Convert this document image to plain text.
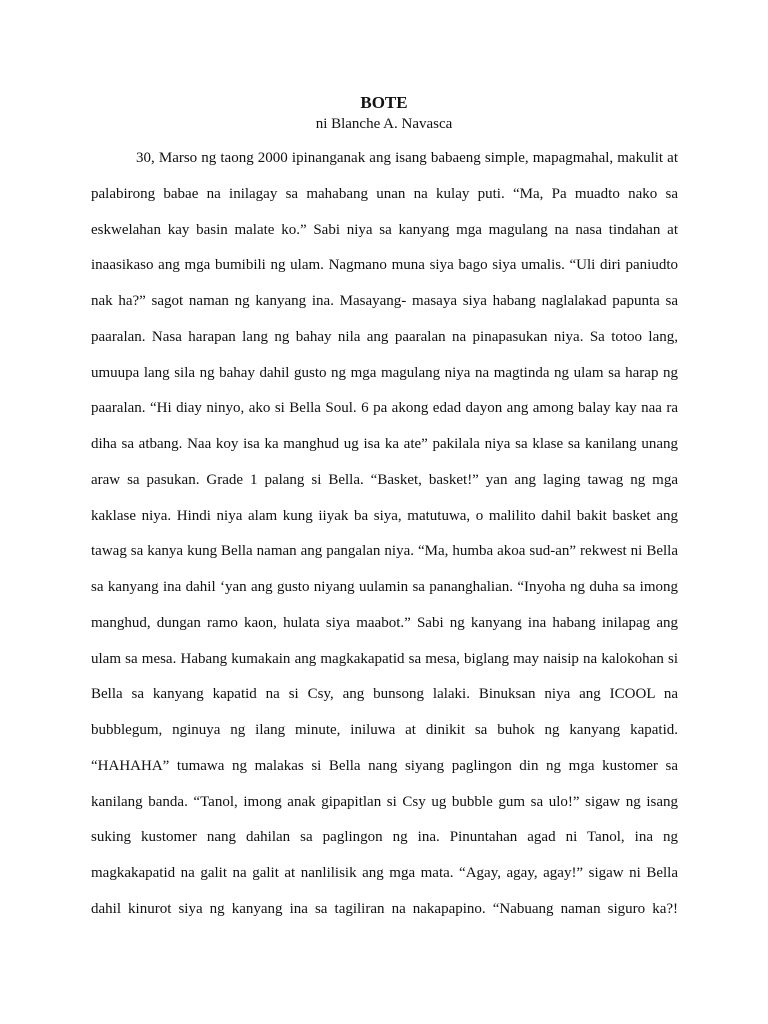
BOTE
ni Blanche A. Navasca
30, Marso ng taong 2000 ipinanganak ang isang babaeng simple, mapagmahal, makulit at
palabirong babae na inilagay sa mahabang unan na kulay puti. “Ma, Pa muadto nako sa
eskwelahan kay basin malate ko.” Sabi niya sa kanyang mga magulang na nasa tindahan at
inaasikaso ang mga bumibili ng ulam. Nagmano muna siya bago siya umalis. “Uli diri paniudto
nak ha?” sagot naman ng kanyang ina. Masayang- masaya siya habang naglalakad papunta sa
paaralan. Nasa harapan lang ng bahay nila ang paaralan na pinapasukan niya. Sa totoo lang,
umuupa lang sila ng bahay dahil gusto ng mga magulang niya na magtinda ng ulam sa harap ng
paaralan. “Hi diay ninyo, ako si Bella Soul. 6 pa akong edad dayon ang among balay kay naa ra
diha sa atbang. Naa koy isa ka manghud ug isa ka ate” pakilala niya sa klase sa kanilang unang
araw sa pasukan. Grade 1 palang si Bella. “Basket, basket!” yan ang laging tawag ng mga
kaklase niya. Hindi niya alam kung iiyak ba siya, matutuwa, o malilito dahil bakit basket ang
tawag sa kanya kung Bella naman ang pangalan niya. “Ma, humba akoa sud-an” rekwest ni Bella
sa kanyang ina dahil ‘yan ang gusto niyang uulamin sa pananghalian. “Inyoha ng duha sa imong
manghud, dungan ramo kaon, hulata siya maabot.” Sabi ng kanyang ina habang inilapag ang
ulam sa mesa. Habang kumakain ang magkakapatid sa mesa, biglang may naisip na kalokohan si
Bella sa kanyang kapatid na si Csy, ang bunsong lalaki. Binuksan niya ang ICOOL na
bubblegum, nginuya ng ilang minute, iniluwa at dinikit sa buhok ng kanyang kapatid.
“HAHAHA” tumawa ng malakas si Bella nang siyang paglingon din ng mga kustomer sa
kanilang banda. “Tanol, imong anak gipapitlan si Csy ug bubble gum sa ulo!” sigaw ng isang
suking kustomer nang dahilan sa paglingon ng ina. Pinuntahan agad ni Tanol, ina ng
magkakapatid na galit na galit at nanlilisik ang mga mata. “Agay, agay, agay!” sigaw ni Bella
dahil kinurot siya ng kanyang ina sa tagiliran na nakapapino. “Nabuang naman siguro ka?!
